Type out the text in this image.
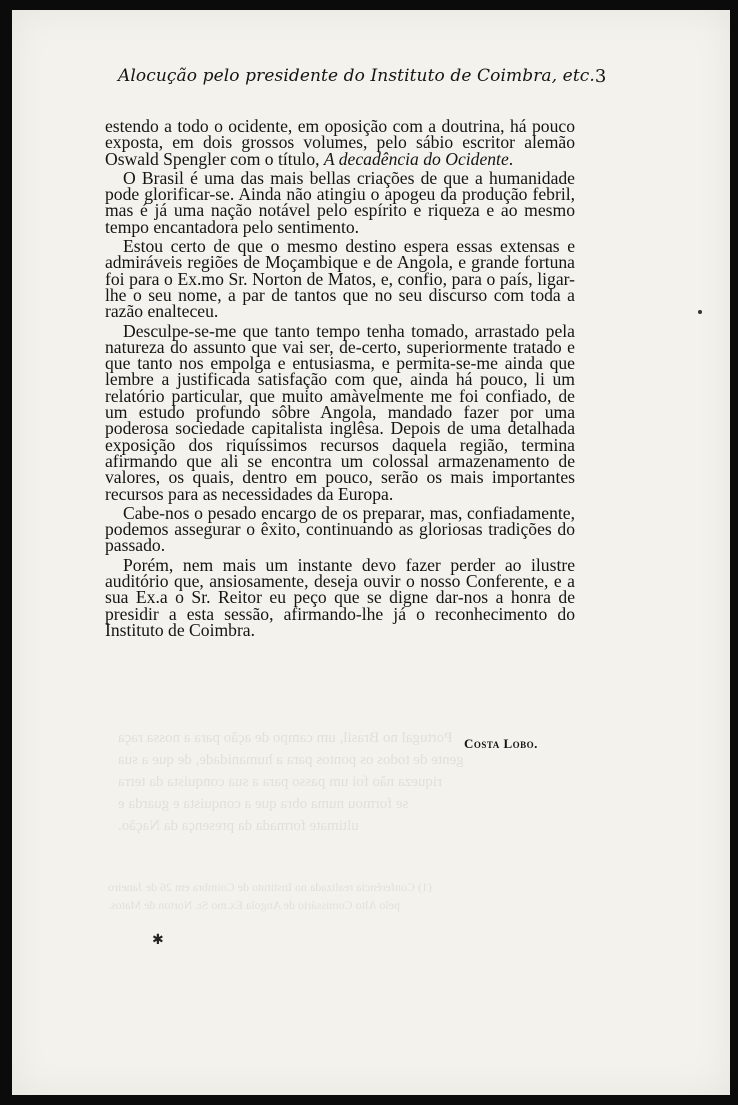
Portugal no Brasil, um campo de ação para a nossa raça
gente de todos os pontos para a humanidade, de que a sua
riqueza não foi um passo para a sua conquista da terra
se formou numa obra que a conquista e guarda e
ultimate formada da presença da Nação.
(1) Conferência realizada no Instituto de Coimbra em 26 de Janeiro
pelo Alto Comissário de Angola Ex.mo Sr. Norton de Matos.
Alocução pelo presidente do Instituto de Coimbra, etc. 3

estendo a todo o ocidente, em oposição com a doutrina, há pouco exposta, em dois grossos volumes, pelo sábio escritor alemão Oswald Spengler com o título, A decadência do Ocidente.

O Brasil é uma das mais bellas criações de que a humanidade pode glorificar-se. Ainda não atingiu o apogeu da produção febril, mas é já uma nação notável pelo espírito e riqueza e ao mesmo tempo encantadora pelo sentimento.

Estou certo de que o mesmo destino espera essas extensas e admiráveis regiões de Moçambique e de Angola, e grande fortuna foi para o Ex.mo Sr. Norton de Matos, e, confio, para o país, ligar-lhe o seu nome, a par de tantos que no seu discurso com toda a razão enalteceu.

Desculpe-se-me que tanto tempo tenha tomado, arrastado pela natureza do assunto que vai ser, de-certo, superiormente tratado e que tanto nos empolga e entusiasma, e permita-se-me ainda que lembre a justificada satisfação com que, ainda há pouco, li um relatório particular, que muito amàvelmente me foi confiado, de um estudo profundo sôbre Angola, mandado fazer por uma poderosa sociedade capitalista inglêsa. Depois de uma detalhada exposição dos riquíssimos recursos daquela região, termina afirmando que ali se encontra um colossal armazenamento de valores, os quais, dentro em pouco, serão os mais importantes recursos para as necessidades da Europa.

Cabe-nos o pesado encargo de os preparar, mas, confiadamente, podemos assegurar o êxito, continuando as gloriosas tradições do passado.

Porém, nem mais um instante devo fazer perder ao ilustre auditório que, ansiosamente, deseja ouvir o nosso Conferente, e a sua Ex.a o Sr. Reitor eu peço que se digne dar-nos a honra de presidir a esta sessão, afirmando-lhe já o reconhecimento do Instituto de Coimbra.

Costa Lobo.
✱
